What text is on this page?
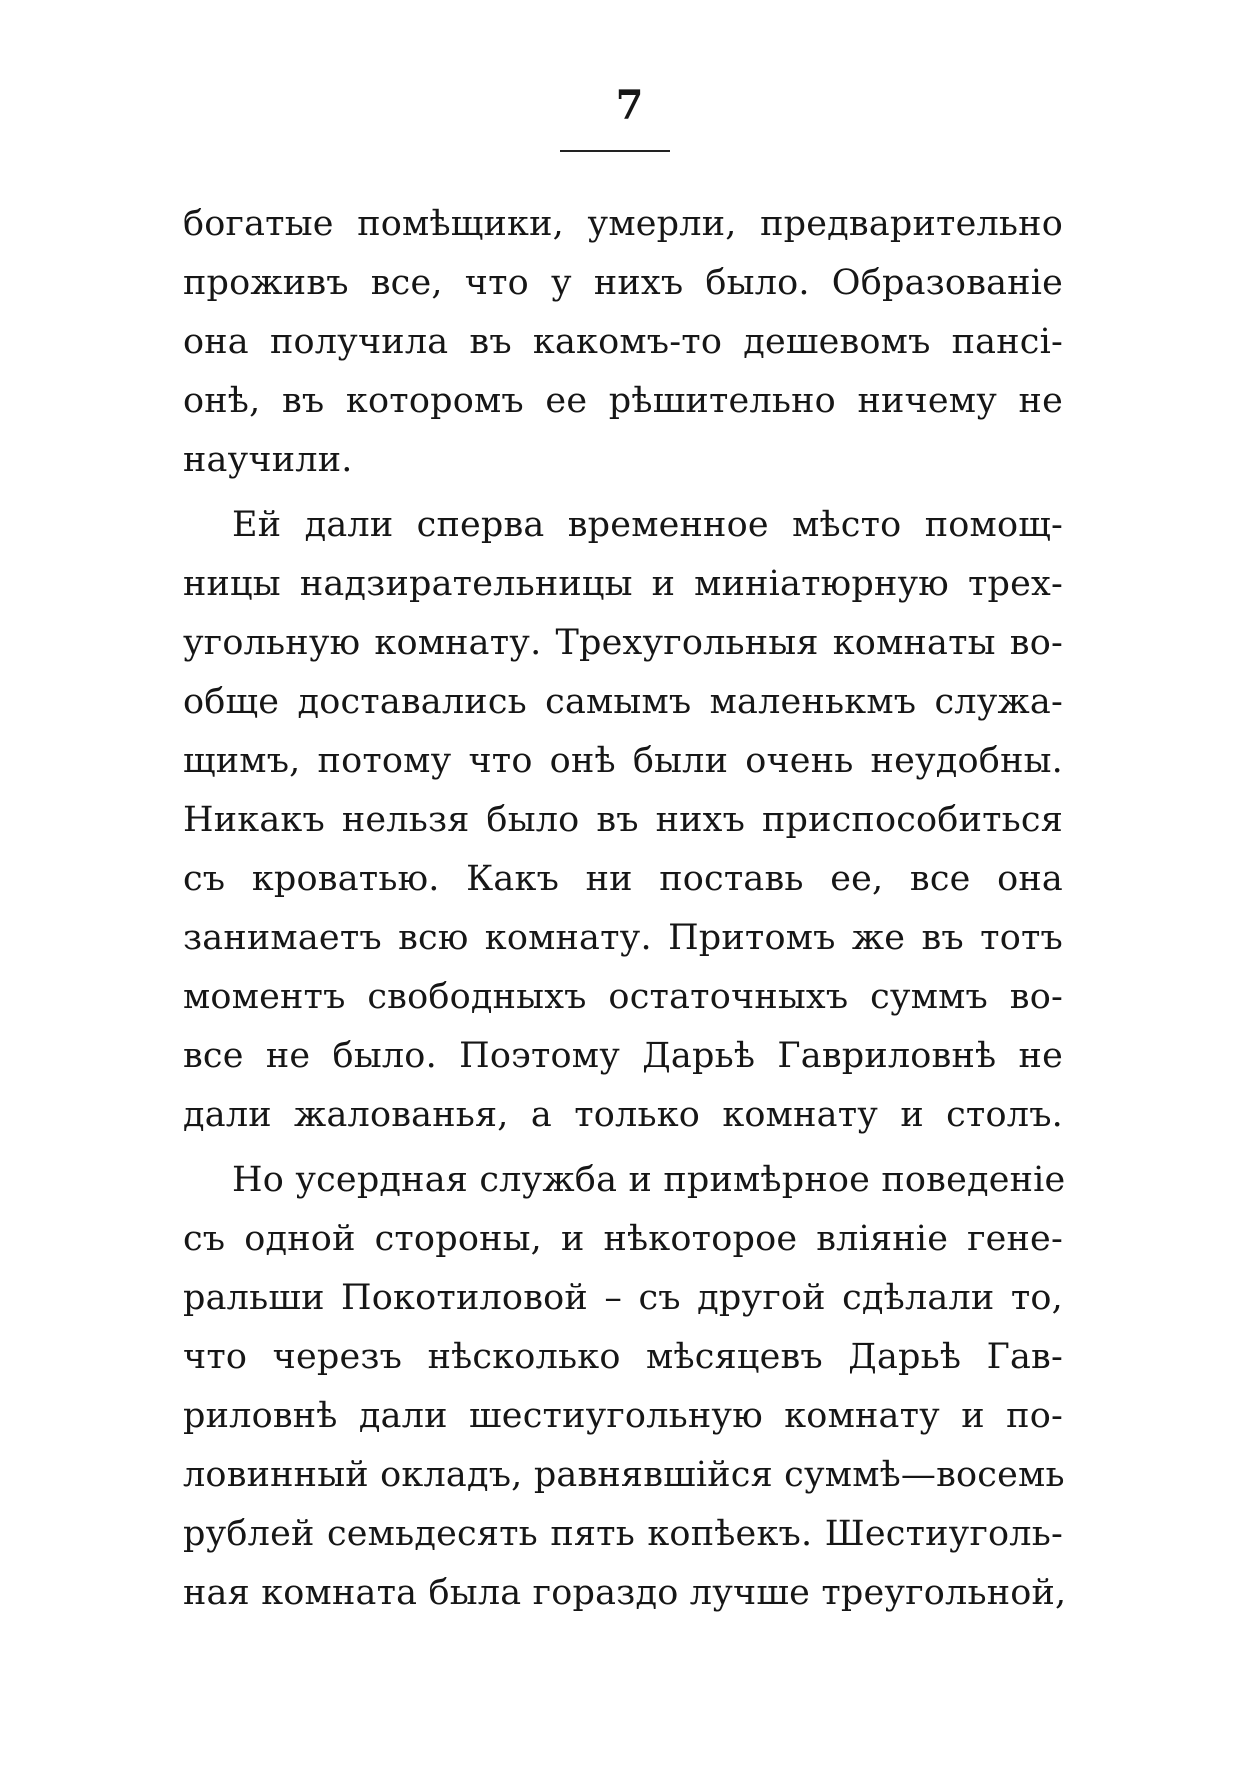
7
богатые помѣщики, умерли, предварительно
проживъ все, что у нихъ было. Образованіе
она получила въ какомъ-то дешевомъ пансі-
онѣ, въ которомъ ее рѣшительно ничему не
научили.
Ей дали сперва временное мѣсто помощ-
ницы надзирательницы и миніатюрную трех-
угольную комнату. Трехугольныя комнаты во-
обще доставались самымъ маленькмъ служа-
щимъ, потому что онѣ были очень неудобны.
Никакъ нельзя было въ нихъ приспособиться
съ кроватью. Какъ ни поставь ее, все она
занимаетъ всю комнату. Притомъ же въ тотъ
моментъ свободныхъ остаточныхъ суммъ во-
все не было. Поэтому Дарьѣ Гавриловнѣ не
дали жалованья, а только комнату и столъ.
Но усердная служба и примѣрное поведеніе
съ одной стороны, и нѣкоторое вліяніе гене-
ральши Покотиловой – съ другой сдѣлали то,
что черезъ нѣсколько мѣсяцевъ Дарьѣ Гав-
риловнѣ дали шестиугольную комнату и по-
ловинный окладъ, равнявшійся суммѣ—восемь
рублей семьдесять пять копѣекъ. Шестиуголь-
ная комната была гораздо лучше треугольной,
